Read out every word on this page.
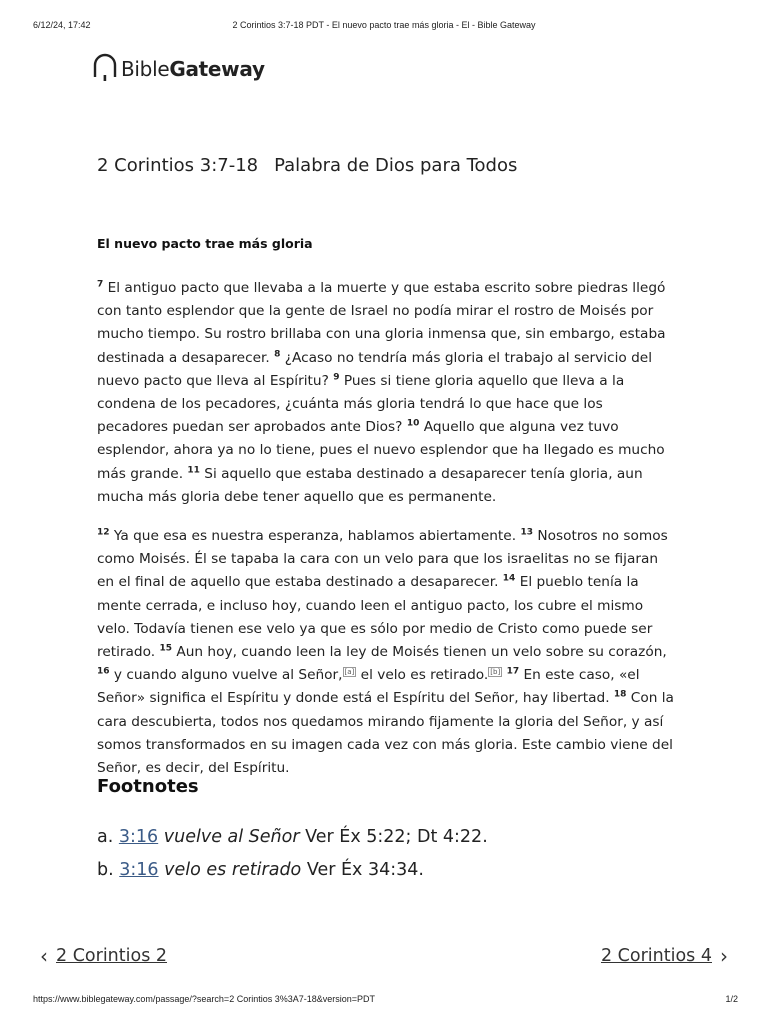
6/12/24, 17:42	2 Corintios 3:7-18 PDT - El nuevo pacto trae más gloria - El - Bible Gateway
BibleGateway
2 Corintios 3:7-18 Palabra de Dios para Todos
El nuevo pacto trae más gloria

$^7$ El antiguo pacto que llevaba a la muerte y que estaba escrito sobre piedras llegó con tanto esplendor que la gente de Israel no podía mirar el rostro de Moisés por mucho tiempo. Su rostro brillaba con una gloria inmensa que, sin embargo, estaba destinada a desaparecer. $^8$ ¿Acaso no tendría más gloria el trabajo al servicio del nuevo pacto que lleva al Espíritu? $^9$ Pues si tiene gloria aquello que lleva a la condena de los pecadores, ¿cuánta más gloria tendrá lo que hace que los pecadores puedan ser aprobados ante Dios? $^{10}$ Aquello que alguna vez tuvo esplendor, ahora ya no lo tiene, pues el nuevo esplendor que ha llegado es mucho más grande. $^{11}$ Si aquello que estaba destinado a desaparecer tenía gloria, aun mucha más gloria debe tener aquello que es permanente.

$^{12}$ Ya que esa es nuestra esperanza, hablamos abiertamente. $^{13}$ Nosotros no somos como Moisés. Él se tapaba la cara con un velo para que los israelitas no se fijaran en el final de aquello que estaba destinado a desaparecer. $^{14}$ El pueblo tenía la mente cerrada, e incluso hoy, cuando leen el antiguo pacto, los cubre el mismo velo. Todavía tienen ese velo ya que es sólo por medio de Cristo como puede ser retirado. $^{15}$ Aun hoy, cuando leen la ley de Moisés tienen un velo sobre su corazón, $^{16}$ y cuando alguno vuelve al Señor, [a] el velo es retirado. [b] $^{17}$ En este caso, «el Señor» significa el Espíritu y donde está el Espíritu del Señor, hay libertad. $^{18}$ Con la cara descubierta, todos nos quedamos mirando fijamente la gloria del Señor, y así somos transformados en su imagen cada vez con más gloria. Este cambio viene del Señor, es decir, del Espíritu.

Footnotes
a. 3:16 vuelve al Señor Ver Éx 5:22; Dt 4:22.
b. 3:16 velo es retirado Ver Éx 34:34.
‹ 2 Corintios 2	2 Corintios 4 ›
https://www.biblegateway.com/passage/?search=2 Corintios 3%3A7-18&version=PDT	1/2
